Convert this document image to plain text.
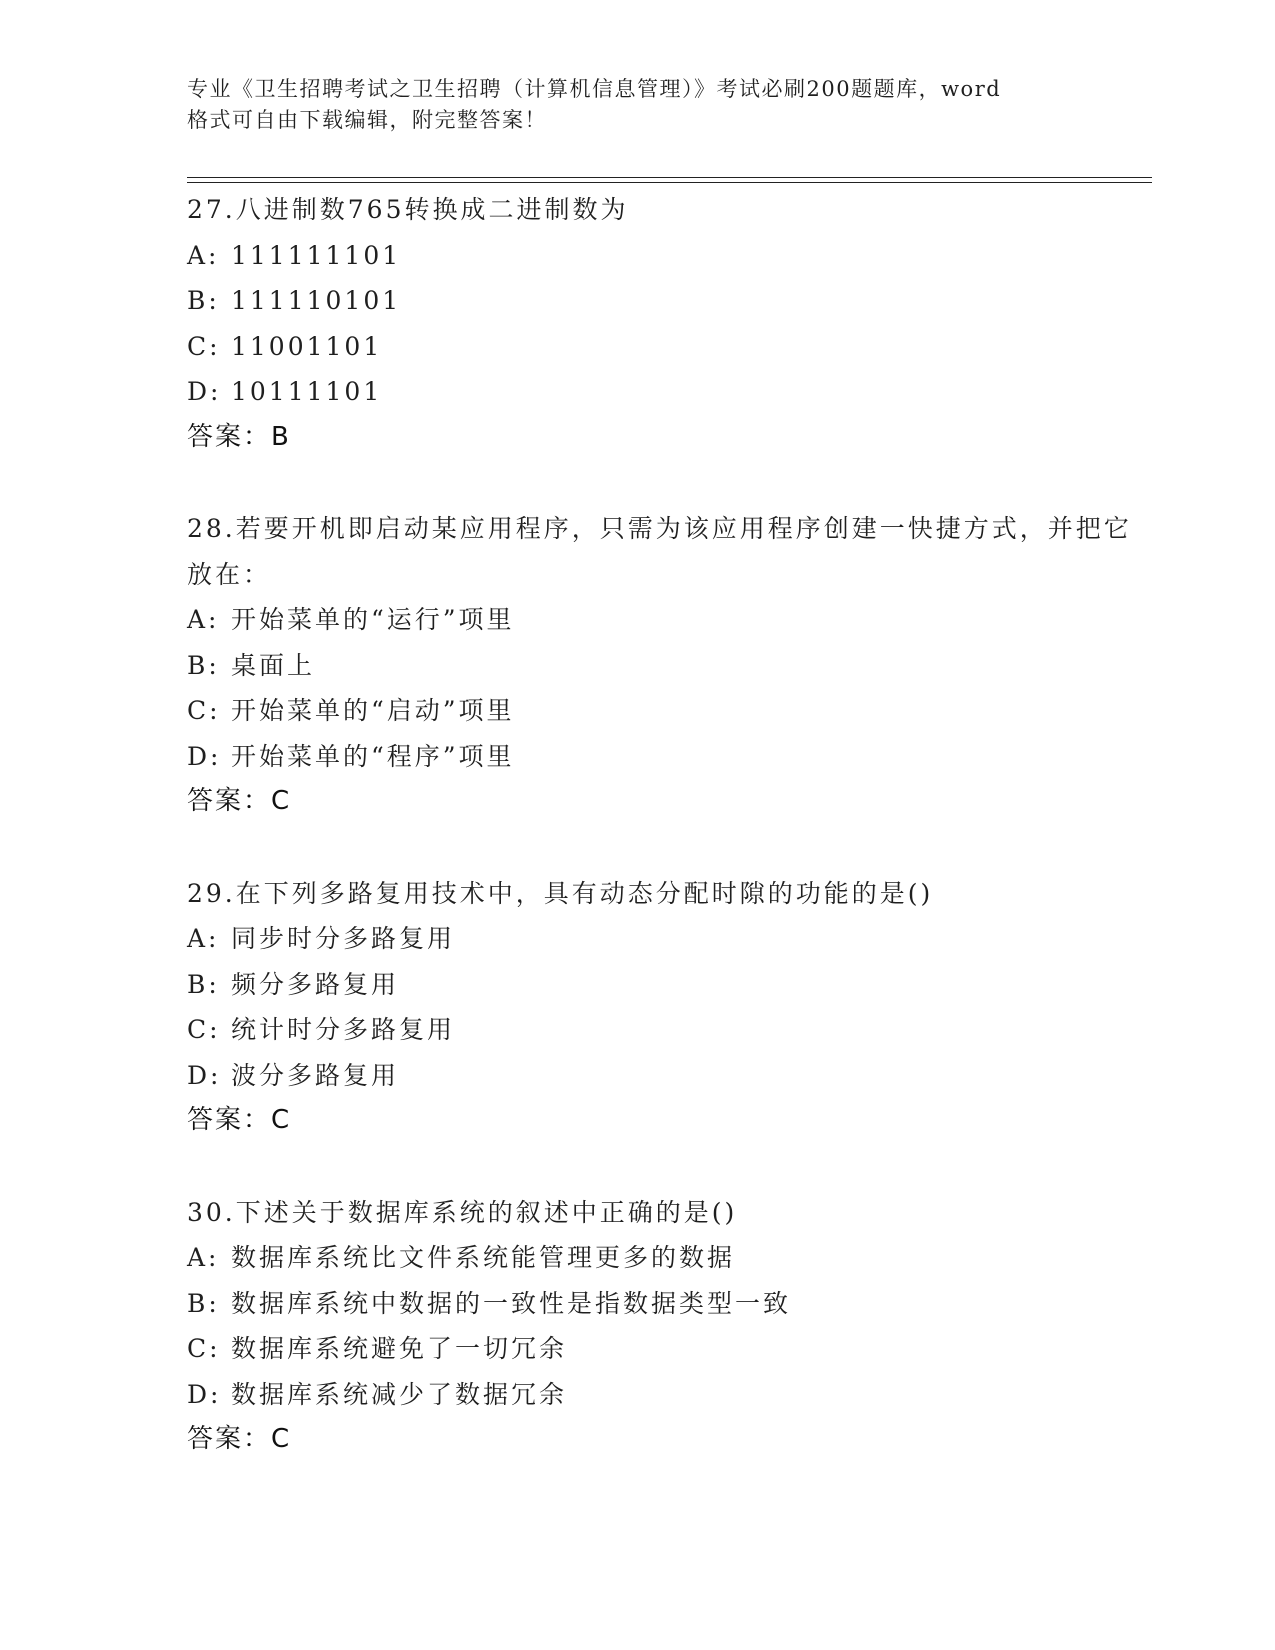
专业《卫生招聘考试之卫生招聘（计算机信息管理）》考试必刷200题题库，word
格式可自由下载编辑，附完整答案！
27.八进制数765转换成二进制数为
A: 111111101
B: 111110101
C: 11001101
D: 10111101
答案：B
28.若要开机即启动某应用程序，只需为该应用程序创建一快捷方式，并把它放在：
A: 开始菜单的“运行”项里
B: 桌面上
C: 开始菜单的“启动”项里
D: 开始菜单的“程序”项里
答案：C
29.在下列多路复用技术中，具有动态分配时隙的功能的是()
A: 同步时分多路复用
B: 频分多路复用
C: 统计时分多路复用
D: 波分多路复用
答案：C
30.下述关于数据库系统的叙述中正确的是()
A: 数据库系统比文件系统能管理更多的数据
B: 数据库系统中数据的一致性是指数据类型一致
C: 数据库系统避免了一切冗余
D: 数据库系统减少了数据冗余
答案：C
